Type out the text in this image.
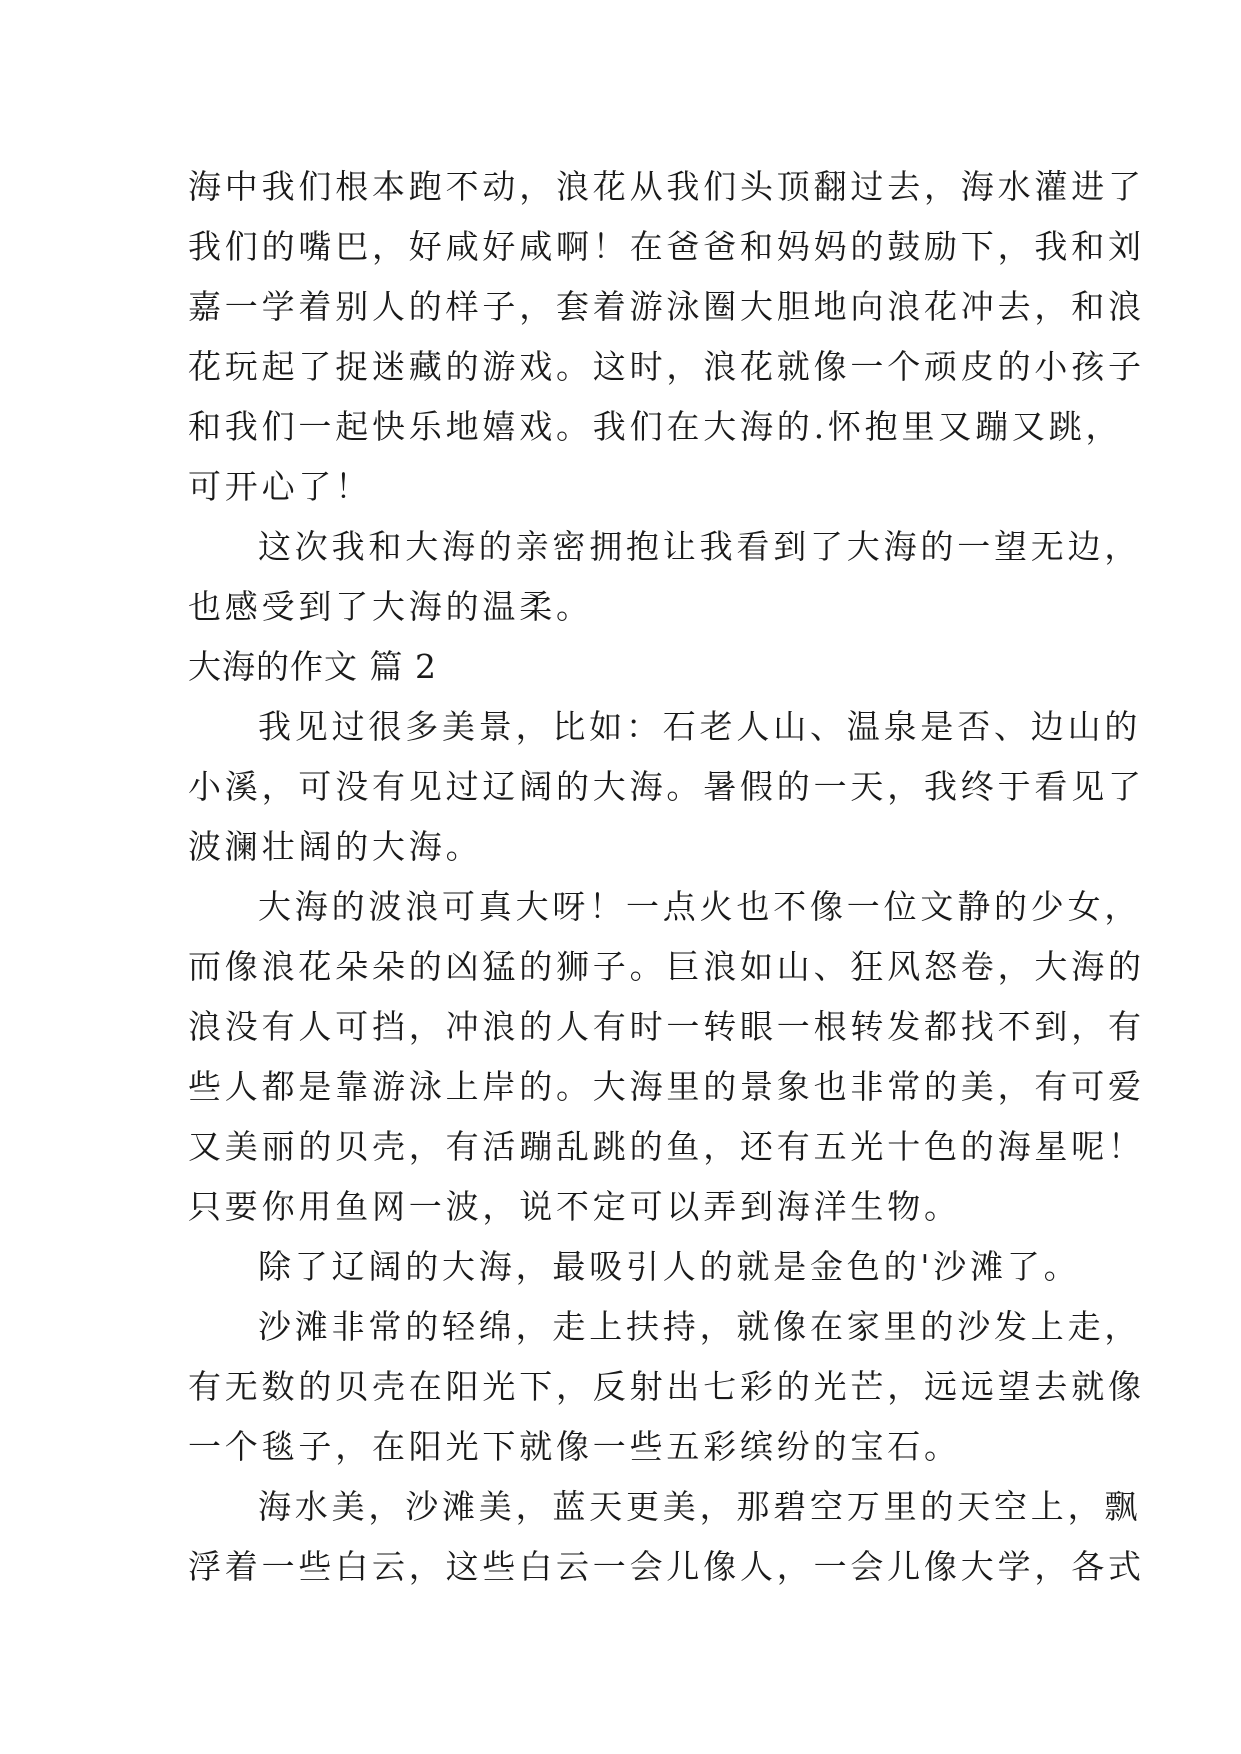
海中我们根本跑不动，浪花从我们头顶翻过去，海水灌进了
我们的嘴巴，好咸好咸啊！在爸爸和妈妈的鼓励下，我和刘
嘉一学着别人的样子，套着游泳圈大胆地向浪花冲去，和浪
花玩起了捉迷藏的游戏。这时，浪花就像一个顽皮的小孩子
和我们一起快乐地嬉戏。我们在大海的.怀抱里又蹦又跳，
可开心了！
这次我和大海的亲密拥抱让我看到了大海的一望无边，
也感受到了大海的温柔。
大海的作文 篇 2
我见过很多美景，比如：石老人山、温泉是否、边山的
小溪，可没有见过辽阔的大海。暑假的一天，我终于看见了
波澜壮阔的大海。
大海的波浪可真大呀！一点火也不像一位文静的少女，
而像浪花朵朵的凶猛的狮子。巨浪如山、狂风怒卷，大海的
浪没有人可挡，冲浪的人有时一转眼一根转发都找不到，有
些人都是靠游泳上岸的。大海里的景象也非常的美，有可爱
又美丽的贝壳，有活蹦乱跳的鱼，还有五光十色的海星呢！
只要你用鱼网一波，说不定可以弄到海洋生物。
除了辽阔的大海，最吸引人的就是金色的'沙滩了。
沙滩非常的轻绵，走上扶持，就像在家里的沙发上走，
有无数的贝壳在阳光下，反射出七彩的光芒，远远望去就像
一个毯子，在阳光下就像一些五彩缤纷的宝石。
海水美，沙滩美，蓝天更美，那碧空万里的天空上，飘
浮着一些白云，这些白云一会儿像人，一会儿像大学，各式
